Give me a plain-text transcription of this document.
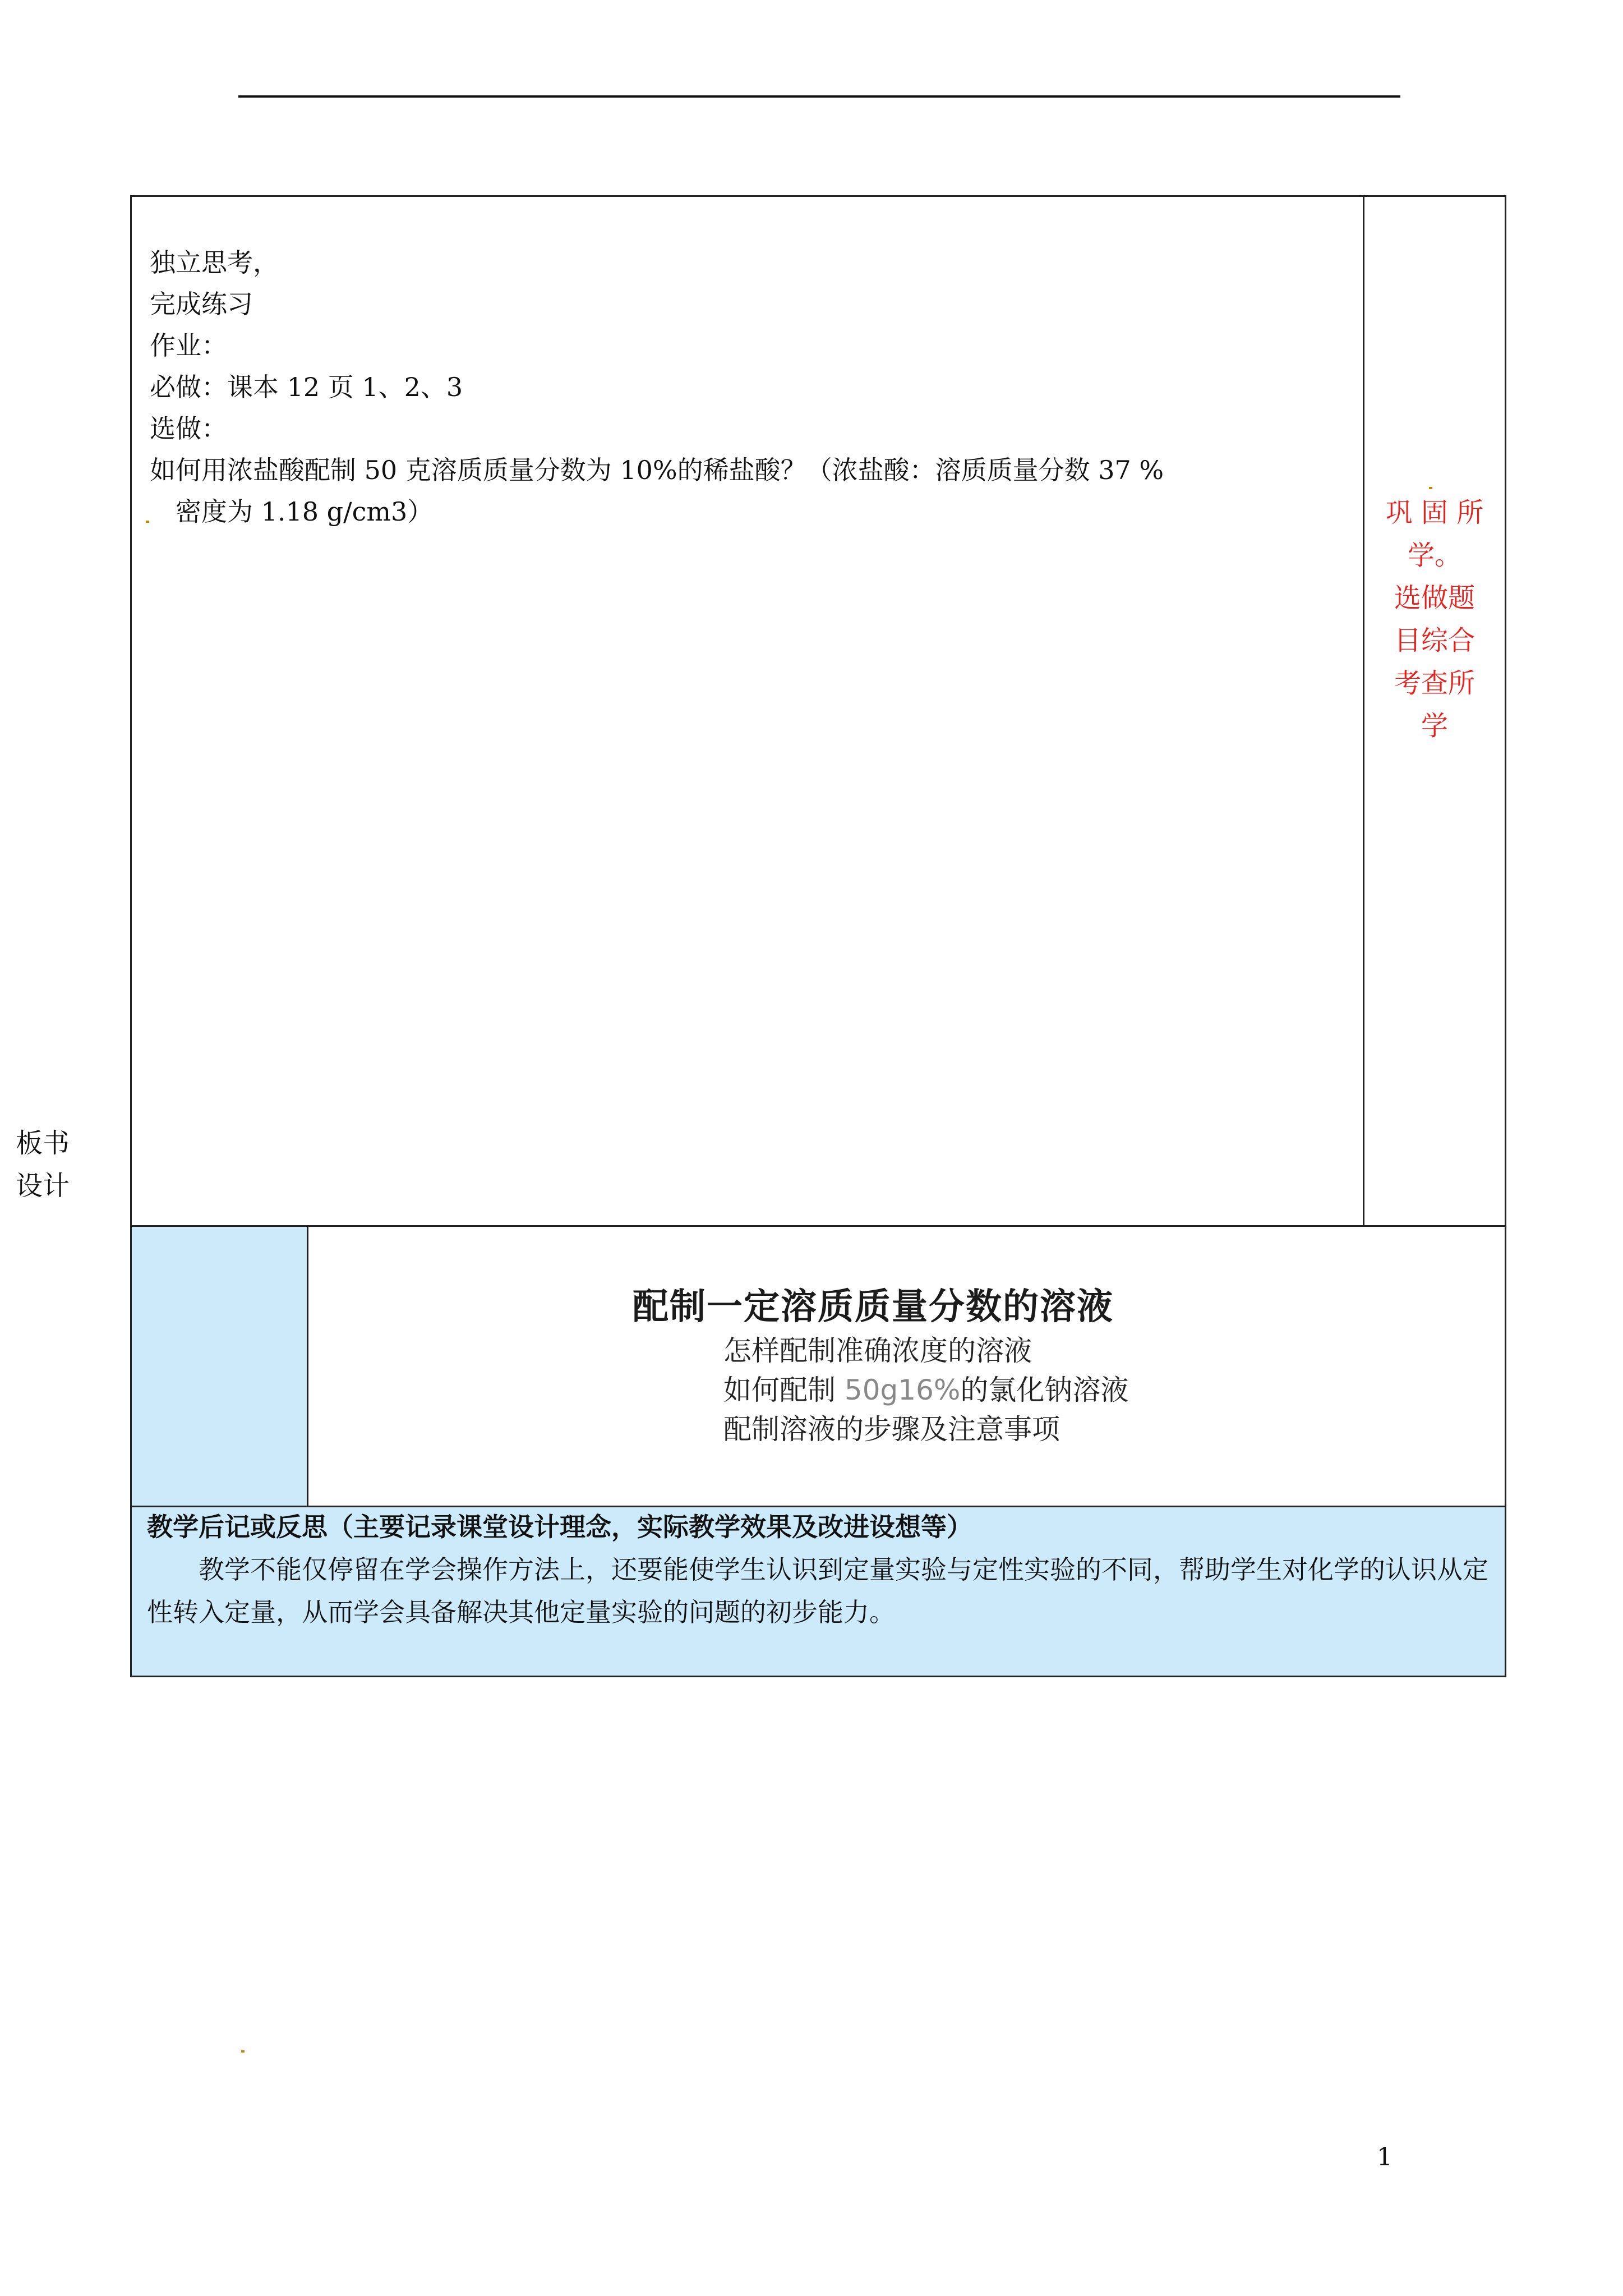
独立思考，
完成练习
作业：
必做：课本 12 页 1、2、3
选做：
如何用浓盐酸配制 50 克溶质质量分数为 10%的稀盐酸？（浓盐酸：溶质质量分数 37 %
　密度为 1.18 g/cm3）	巩 固 所
学。
选做题
目综合
考查所
学
板书
设计
配制一定溶质质量分数的溶液
怎样配制准确浓度的溶液
如何配制 50g16%的氯化钠溶液
配制溶液的步骤及注意事项
教学后记或反思（主要记录课堂设计理念，实际教学效果及改进设想等）
教学不能仅停留在学会操作方法上，还要能使学生认识到定量实验与定性实验的不同，帮助学生对化学的认识从定性转入定量，从而学会具备解决其他定量实验的问题的初步能力。
1
